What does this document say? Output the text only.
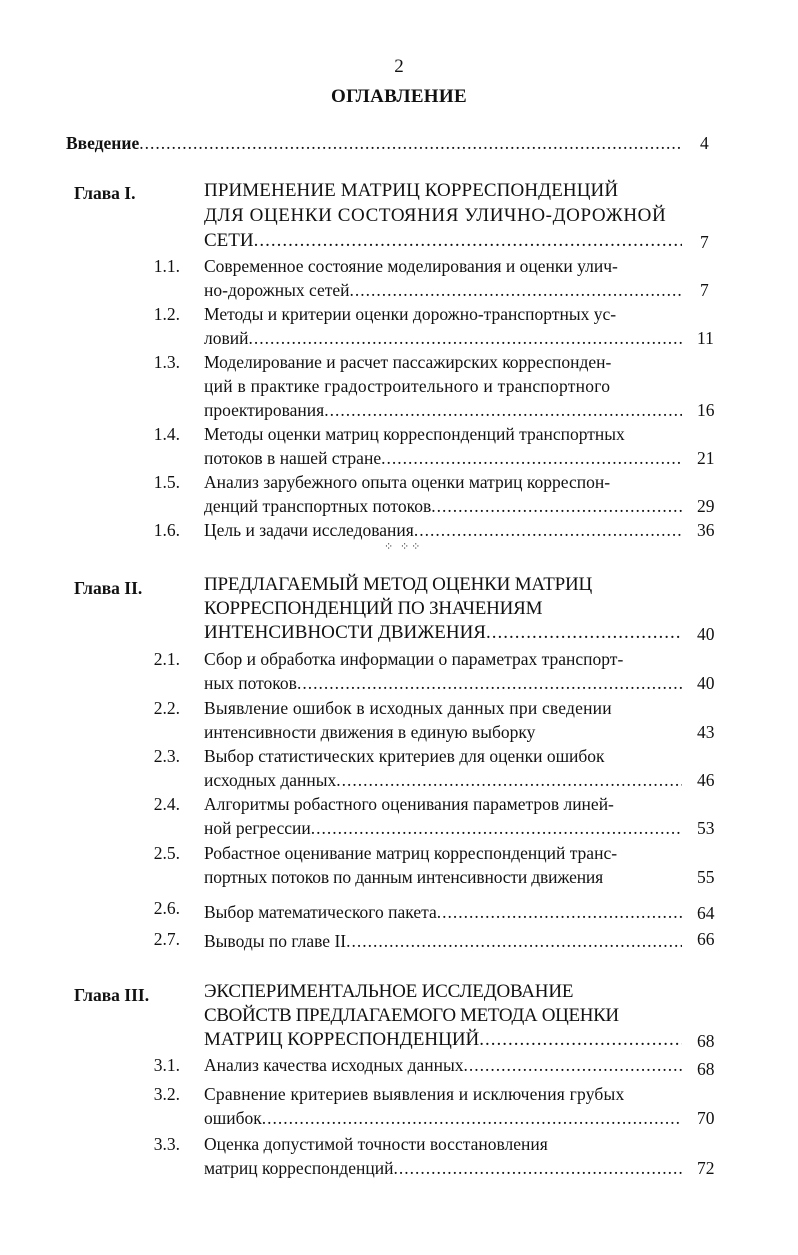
2
ОГЛАВЛЕНИЕ
Введение .....	4
Глава I.	ПРИМЕНЕНИЕ МАТРИЦ КОРРЕСПОНДЕНЦИЙ
ДЛЯ ОЦЕНКИ СОСТОЯНИЯ УЛИЧНО-ДОРОЖНОЙ
СЕТИ .....	7
1.1. Современное состояние моделирования и оценки улич-
но-дорожных сетей .....	7
1.2. Методы и критерии оценки дорожно-транспортных ус-
ловий .....	11
1.3. Моделирование и расчет пассажирских корреспонден-
ций в практике градостроительного и транспортного
проектирования .....	16
1.4. Методы оценки матриц корреспонденций транспортных
потоков в нашей стране .....	21
1.5. Анализ зарубежного опыта оценки матриц корреспон-
денций транспортных потоков .....	29
1.6. Цель и задачи исследования .....	36
⁘ ⁘⁘
Глава II.	ПРЕДЛАГАЕМЫЙ МЕТОД ОЦЕНКИ МАТРИЦ
КОРРЕСПОНДЕНЦИЙ ПО ЗНАЧЕНИЯМ
ИНТЕНСИВНОСТИ ДВИЖЕНИЯ .....	40
2.1. Сбор и обработка информации о параметрах транспорт-
ных потоков .....	40
2.2. Выявление ошибок в исходных данных при сведении
интенсивности движения в единую выборку	43
2.3. Выбор статистических критериев для оценки ошибок
исходных данных .....	46
2.4. Алгоритмы робастного оценивания параметров линей-
ной регрессии .....	53
2.5. Робастное оценивание матриц корреспонденций транс-
портных потоков по данным интенсивности движения	55
2.6. Выбор математического пакета .....	64
2.7. Выводы по главе II .....	66
Глава III.	ЭКСПЕРИМЕНТАЛЬНОЕ ИССЛЕДОВАНИЕ
СВОЙСТВ ПРЕДЛАГАЕМОГО МЕТОДА ОЦЕНКИ
МАТРИЦ КОРРЕСПОНДЕНЦИЙ .....	68
3.1. Анализ качества исходных данных .....	68
3.2. Сравнение критериев выявления и исключения грубых
ошибок .....	70
3.3. Оценка допустимой точности восстановления
матриц корреспонденций .....	72
